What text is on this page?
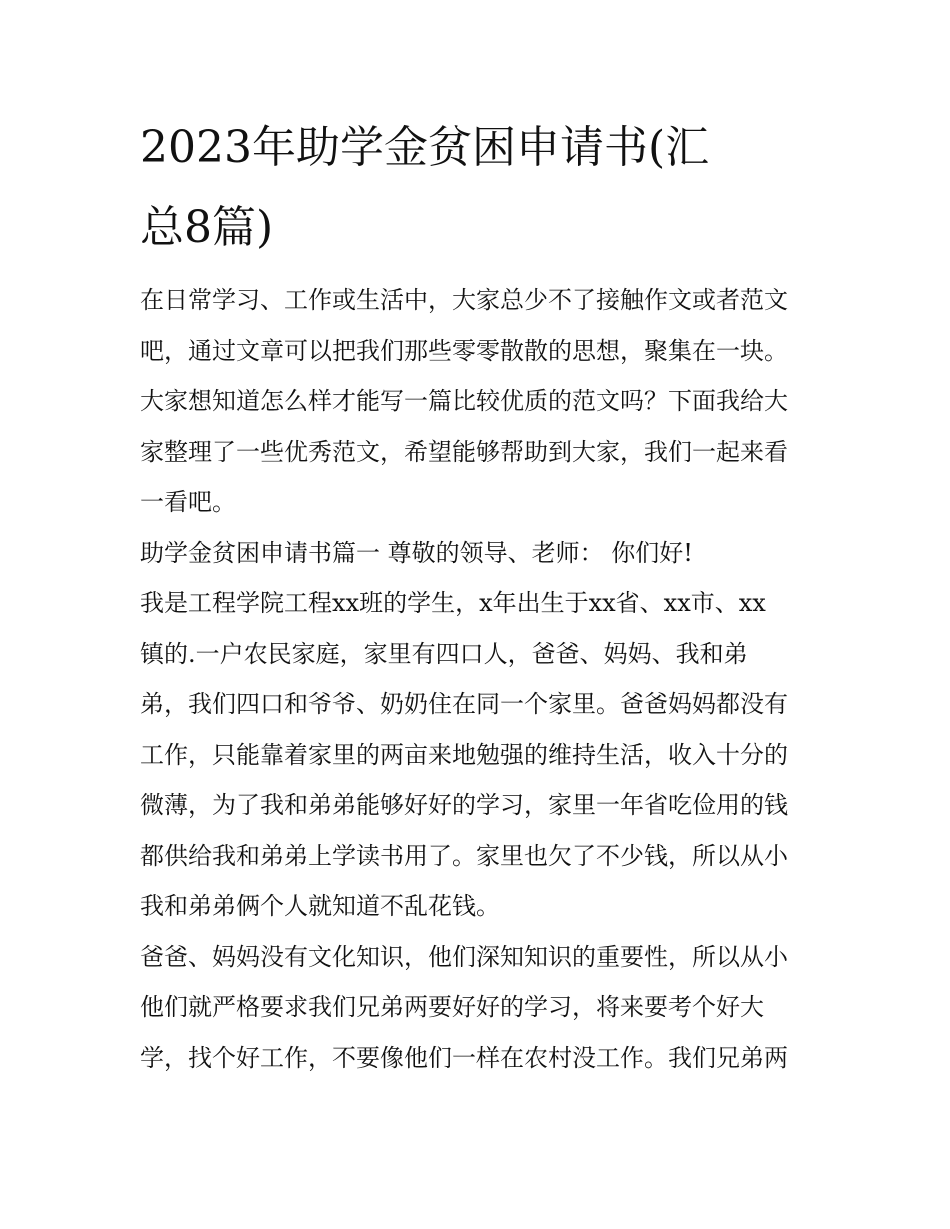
2023年助学金贫困申请书(汇
总8篇)
在日常学习、工作或生活中，大家总少不了接触作文或者范文
吧，通过文章可以把我们那些零零散散的思想，聚集在一块。
大家想知道怎么样才能写一篇比较优质的范文吗？下面我给大
家整理了一些优秀范文，希望能够帮助到大家，我们一起来看
一看吧。
助学金贫困申请书篇一 尊敬的领导、老师： 你们好!
我是工程学院工程xx班的学生，x年出生于xx省、xx市、xx
镇的.一户农民家庭，家里有四口人，爸爸、妈妈、我和弟
弟，我们四口和爷爷、奶奶住在同一个家里。爸爸妈妈都没有
工作，只能靠着家里的两亩来地勉强的维持生活，收入十分的
微薄，为了我和弟弟能够好好的学习，家里一年省吃俭用的钱
都供给我和弟弟上学读书用了。家里也欠了不少钱，所以从小
我和弟弟俩个人就知道不乱花钱。
爸爸、妈妈没有文化知识，他们深知知识的重要性，所以从小
他们就严格要求我们兄弟两要好好的学习，将来要考个好大
学，找个好工作，不要像他们一样在农村没工作。我们兄弟两
